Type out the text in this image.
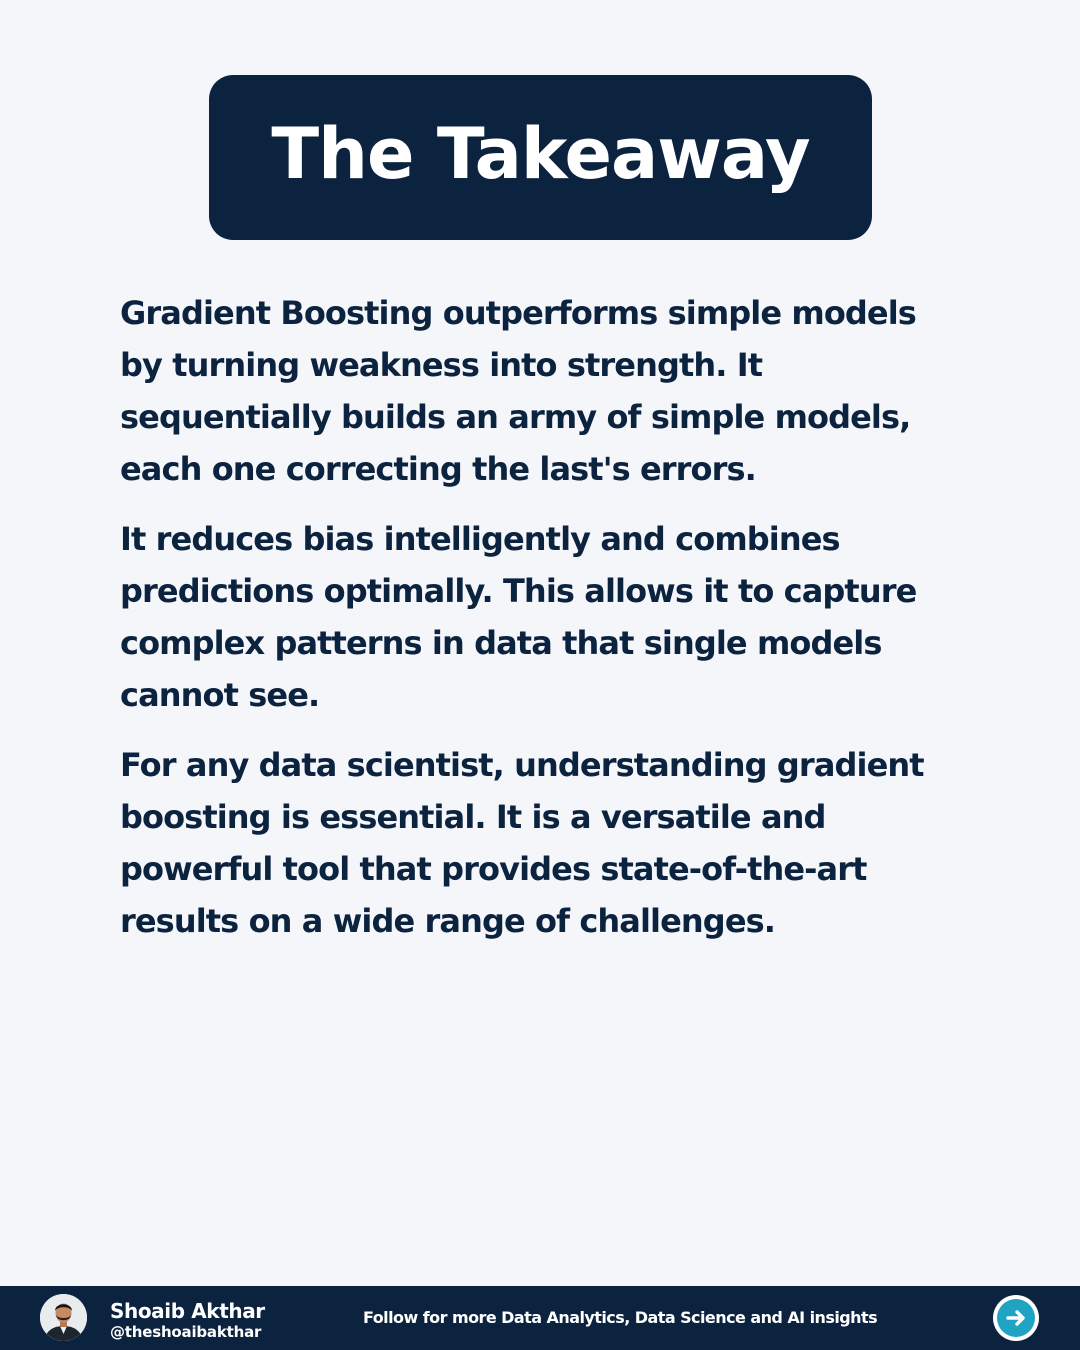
The Takeaway

Gradient Boosting outperforms simple models by turning weakness into strength. It sequentially builds an army of simple models, each one correcting the last's errors.

It reduces bias intelligently and combines predictions optimally. This allows it to capture complex patterns in data that single models cannot see.

For any data scientist, understanding gradient boosting is essential. It is a versatile and powerful tool that provides state-of-the-art results on a wide range of challenges.

Shoaib Akthar
@theshoaibakthar
Follow for more Data Analytics, Data Science and AI insights
